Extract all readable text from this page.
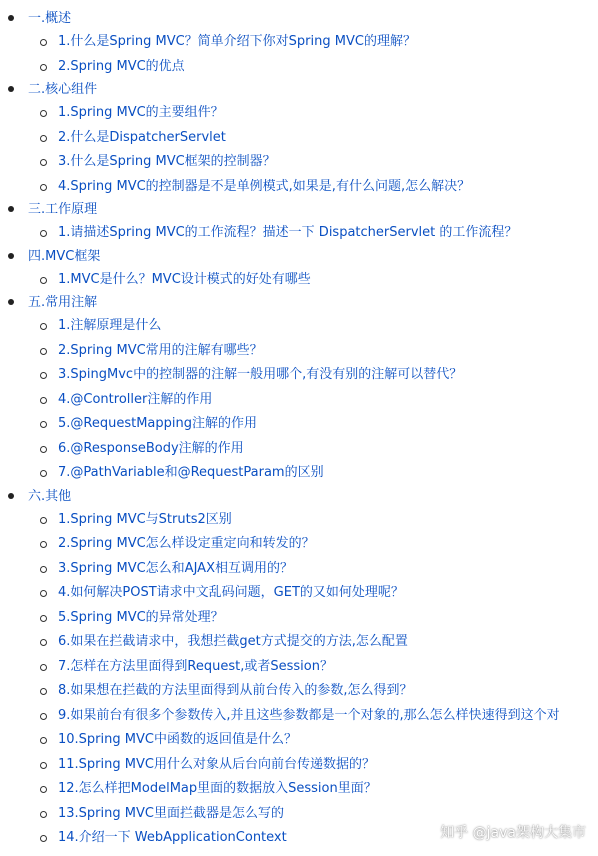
一.概述
1.什么是Spring MVC？简单介绍下你对Spring MVC的理解？
2.Spring MVC的优点
二.核心组件
1.Spring MVC的主要组件？
2.什么是DispatcherServlet
3.什么是Spring MVC框架的控制器？
4.Spring MVC的控制器是不是单例模式,如果是,有什么问题,怎么解决？
三.工作原理
1.请描述Spring MVC的工作流程？描述一下 DispatcherServlet 的工作流程？
四.MVC框架
1.MVC是什么？MVC设计模式的好处有哪些
五.常用注解
1.注解原理是什么
2.Spring MVC常用的注解有哪些？
3.SpingMvc中的控制器的注解一般用哪个,有没有别的注解可以替代？
4.@Controller注解的作用
5.@RequestMapping注解的作用
6.@ResponseBody注解的作用
7.@PathVariable和@RequestParam的区别
六.其他
1.Spring MVC与Struts2区别
2.Spring MVC怎么样设定重定向和转发的？
3.Spring MVC怎么和AJAX相互调用的？
4.如何解决POST请求中文乱码问题，GET的又如何处理呢？
5.Spring MVC的异常处理？
6.如果在拦截请求中，我想拦截get方式提交的方法,怎么配置
7.怎样在方法里面得到Request,或者Session？
8.如果想在拦截的方法里面得到从前台传入的参数,怎么得到？
9.如果前台有很多个参数传入,并且这些参数都是一个对象的,那么怎么样快速得到这个对
10.Spring MVC中函数的返回值是什么？
11.Spring MVC用什么对象从后台向前台传递数据的？
12.怎么样把ModelMap里面的数据放入Session里面？
13.Spring MVC里面拦截器是怎么写的
14.介绍一下 WebApplicationContext	知乎 @java架构大集市
